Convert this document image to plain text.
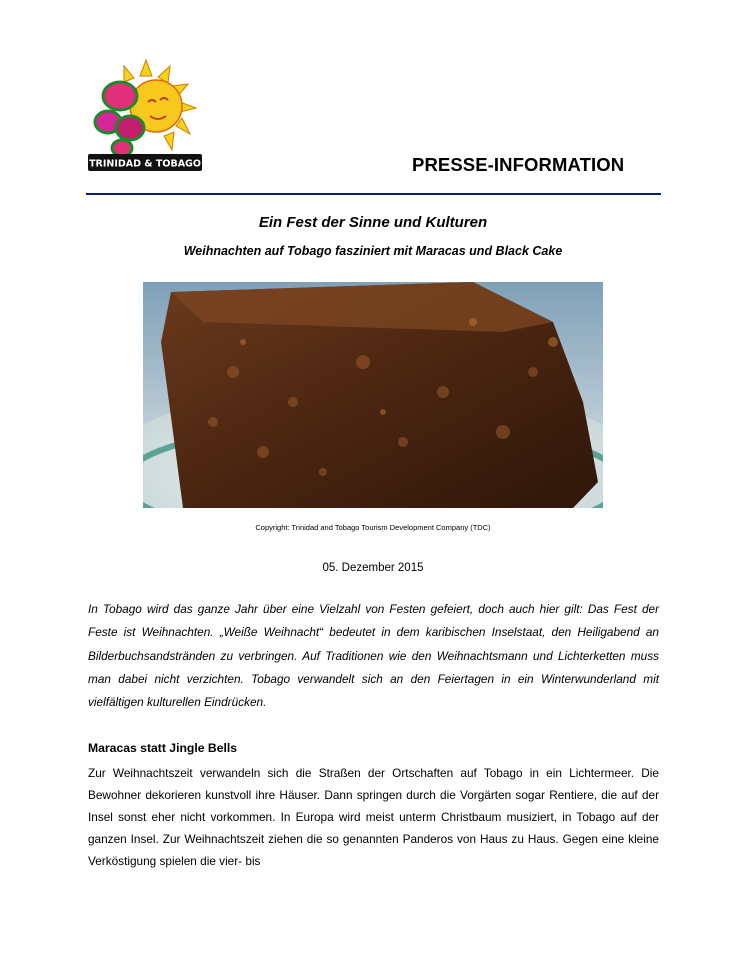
TRINIDAD & TOBAGO	PRESSE-INFORMATION
Ein Fest der Sinne und Kulturen
Weihnachten auf Tobago fasziniert mit Maracas und Black Cake
Copyright: Trinidad and Tobago Tourism Development Company (TDC)
05. Dezember 2015
In Tobago wird das ganze Jahr über eine Vielzahl von Festen gefeiert, doch auch hier gilt: Das Fest der Feste ist Weihnachten. „Weiße Weihnacht“ bedeutet in dem karibischen Inselstaat, den Heiligabend an Bilderbuchsandstränden zu verbringen. Auf Traditionen wie den Weihnachtsmann und Lichterketten muss man dabei nicht verzichten. Tobago verwandelt sich an den Feiertagen in ein Winterwunderland mit vielfältigen kulturellen Eindrücken.
Maracas statt Jingle Bells
Zur Weihnachtszeit verwandeln sich die Straßen der Ortschaften auf Tobago in ein Lichtermeer. Die Bewohner dekorieren kunstvoll ihre Häuser. Dann springen durch die Vorgärten sogar Rentiere, die auf der Insel sonst eher nicht vorkommen. In Europa wird meist unterm Christbaum musiziert, in Tobago auf der ganzen Insel. Zur Weihnachtszeit ziehen die so genannten Panderos von Haus zu Haus. Gegen eine kleine Verköstigung spielen die vier- bis
